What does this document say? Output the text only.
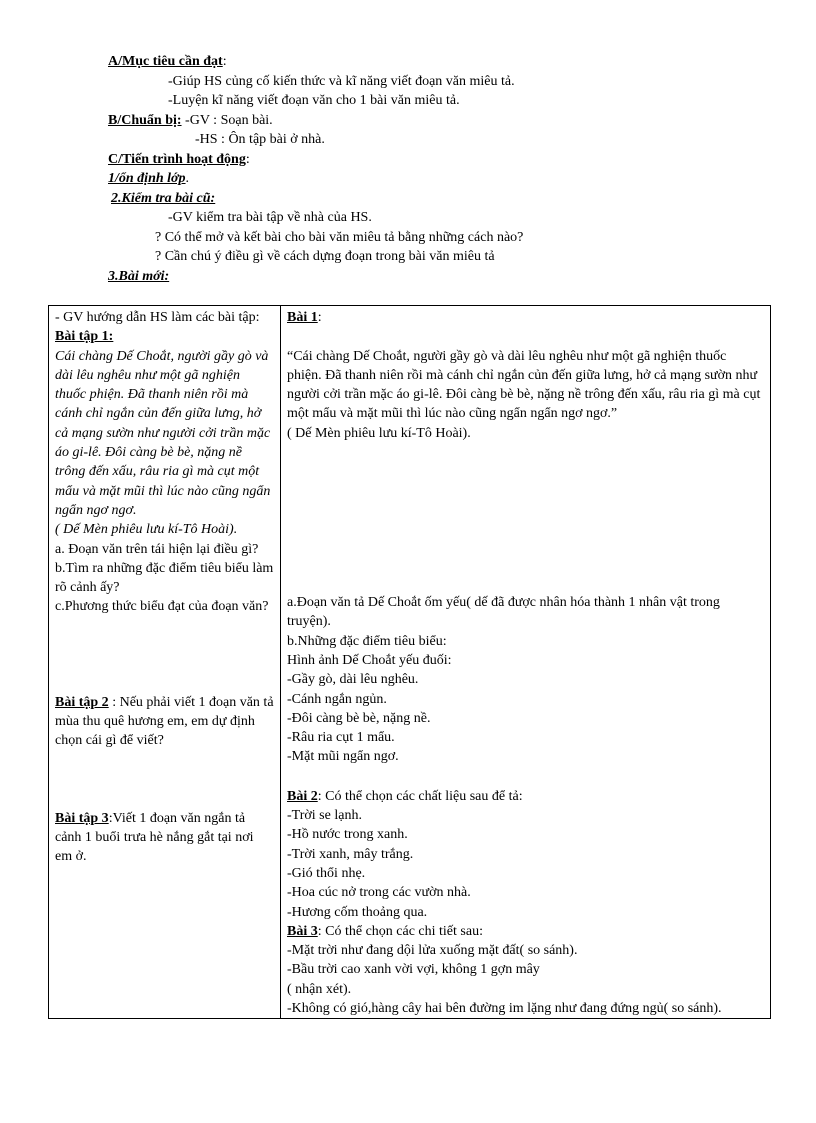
A/Mục tiêu cần đạt:
-Giúp HS củng cố kiến thức và kĩ năng viết đoạn văn miêu tả.
-Luyện kĩ năng viết đoạn văn cho 1 bài văn miêu tả.
B/Chuẩn bị: -GV : Soạn bài.
-HS : Ôn tập bài ở nhà.
C/Tiến trình hoạt động:
1/ổn định lớp.
2.Kiểm tra bài cũ:
-GV kiểm tra bài tập về nhà của HS.
? Có thể mở và kết bài cho bài văn miêu tả bằng những cách nào?
? Cần chú ý điều gì về cách dựng đoạn trong bài văn miêu tả
3.Bài mới:
- GV hướng dẫn HS làm các bài tập:
Bài tập 1:
Cái chàng Dế Choắt, người gầy gò và dài lêu nghêu như một gã nghiện thuốc phiện. Đã thanh niên rồi mà cánh chỉ ngắn củn đến giữa lưng, hở cả mạng sườn như người cởi trần mặc áo gi-lê. Đôi càng bè bè, nặng nề trông đến xấu, râu ria gì mà cụt một mẩu và mặt mũi thì lúc nào cũng ngẩn ngẩn ngơ ngơ.
( Dế Mèn phiêu lưu kí-Tô Hoài).
a. Đoạn văn trên tái hiện lại điều gì?
b.Tìm ra những đặc điểm tiêu biểu làm rõ cảnh ấy?
c.Phương thức biểu đạt của đoạn văn?
Bài tập 2 : Nếu phải viết 1 đoạn văn tả mùa thu quê hương em, em dự định chọn cái gì để viết?
Bài tập 3:Viết 1 đoạn văn ngắn tả cảnh 1 buổi trưa hè nắng gắt tại nơi em ở.

Bài 1:
“Cái chàng Dế Choắt, người gầy gò và dài lêu nghêu như một gã nghiện thuốc phiện. Đã thanh niên rồi mà cánh chỉ ngắn củn đến giữa lưng, hở cả mạng sườn như người cởi trần mặc áo gi-lê. Đôi càng bè bè, nặng nề trông đến xấu, râu ria gì mà cụt một mẩu và mặt mũi thì lúc nào cũng ngẩn ngẩn ngơ ngơ.”
( Dế Mèn phiêu lưu kí-Tô Hoài).
a.Đoạn văn tả Dế Choắt ốm yếu( dế đã được nhân hóa thành 1 nhân vật trong truyện).
b.Những đặc điểm tiêu biểu:
Hình ảnh Dế Choắt yếu đuối:
-Gầy gò, dài lêu nghêu.
-Cánh ngắn ngủn.
-Đôi càng bè bè, nặng nề.
-Râu ria cụt 1 mẩu.
-Mặt mũi ngẩn ngơ.
Bài 2: Có thể chọn các chất liệu sau để tả:
-Trời se lạnh.
-Hồ nước trong xanh.
-Trời xanh, mây trắng.
-Gió thổi nhẹ.
-Hoa cúc nở trong các vườn nhà.
-Hương cốm thoảng qua.
Bài 3: Có thể chọn các chi tiết sau:
-Mặt trời như đang dội lửa xuống mặt đất( so sánh).
-Bầu trời cao xanh vời vợi, không 1 gợn mây
( nhận xét).
-Không có gió,hàng cây hai bên đường im lặng như đang đứng ngủ( so sánh).
